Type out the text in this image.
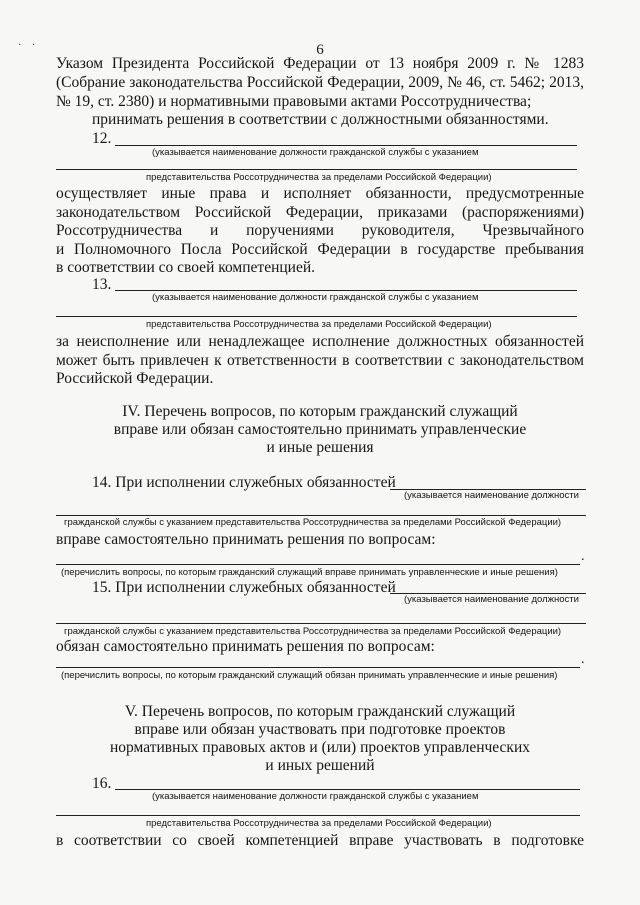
· ·	6
Указом Президента Российской Федерации от 13 ноября 2009 г. № 1283
(Собрание законодательства Российской Федерации, 2009, № 46, ст. 5462; 2013,
№ 19, ст. 2380) и нормативными правовыми актами Россотрудничества;
принимать решения в соответствии с должностными обязанностями.
12.
(указывается наименование должности гражданской службы с указанием
представительства Россотрудничества за пределами Российской Федерации)
осуществляет иные права и исполняет обязанности, предусмотренные
законодательством Российской Федерации, приказами (распоряжениями)
Россотрудничества и поручениями руководителя, Чрезвычайного
и Полномочного Посла Российской Федерации в государстве пребывания
в соответствии со своей компетенцией.
13.
(указывается наименование должности гражданской службы с указанием
представительства Россотрудничества за пределами Российской Федерации)
за неисполнение или ненадлежащее исполнение должностных обязанностей
может быть привлечен к ответственности в соответствии с законодательством
Российской Федерации.
IV. Перечень вопросов, по которым гражданский служащий
вправе или обязан самостоятельно принимать управленческие
и иные решения
14. При исполнении служебных обязанностей
(указывается наименование должности
гражданской службы с указанием представительства Россотрудничества за пределами Российской Федерации)
вправе самостоятельно принимать решения по вопросам:
.
(перечислить вопросы, по которым гражданский служащий вправе принимать управленческие и иные решения)
15. При исполнении служебных обязанностей
(указывается наименование должности
гражданской службы с указанием представительства Россотрудничества за пределами Российской Федерации)
обязан самостоятельно принимать решения по вопросам:
.
(перечислить вопросы, по которым гражданский служащий обязан принимать управленческие и иные решения)
V. Перечень вопросов, по которым гражданский служащий
вправе или обязан участвовать при подготовке проектов
нормативных правовых актов и (или) проектов управленческих
и иных решений
16.
(указывается наименование должности гражданской службы с указанием
представительства Россотрудничества за пределами Российской Федерации)
в соответствии со своей компетенцией вправе участвовать в подготовке
